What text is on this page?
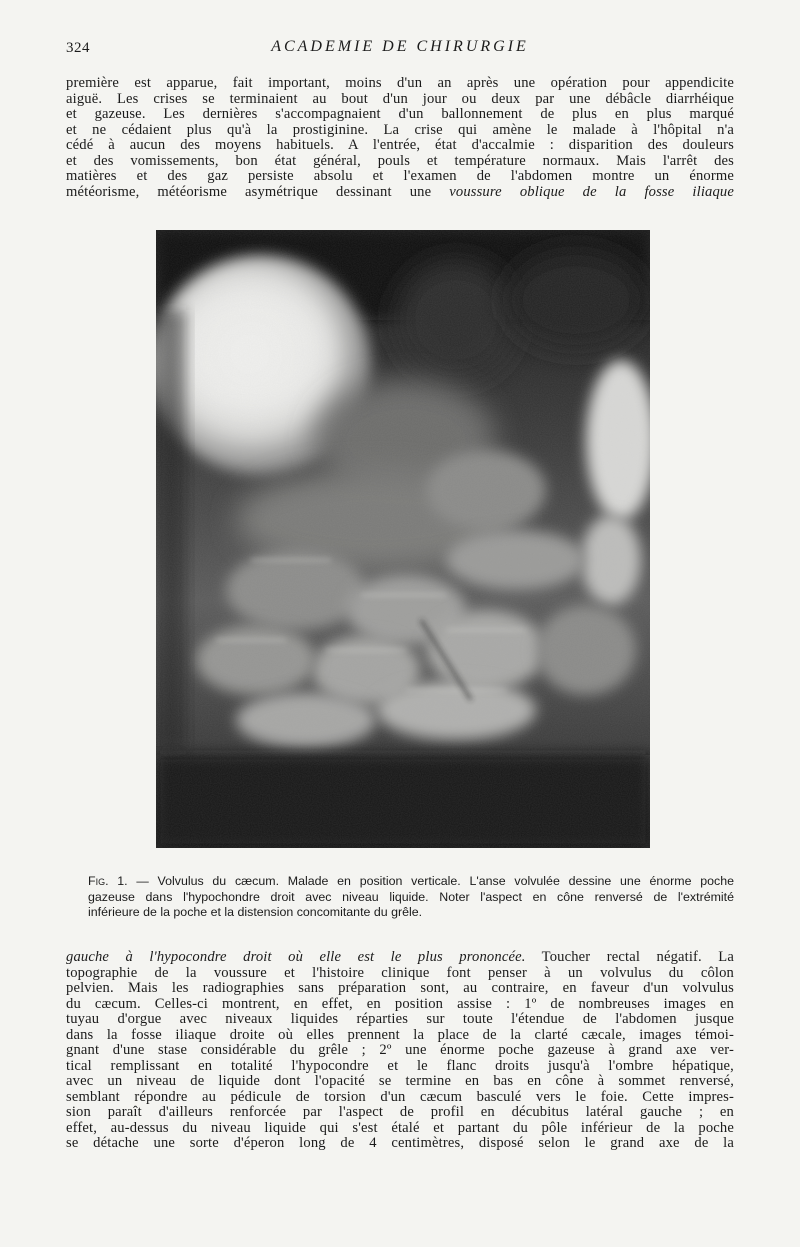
324	ACADEMIE DE CHIRURGIE
première est apparue, fait important, moins d'un an après une opération pour appendicite
aiguë. Les crises se terminaient au bout d'un jour ou deux par une débâcle diarrhéique
et gazeuse. Les dernières s'accompagnaient d'un ballonnement de plus en plus marqué
et ne cédaient plus qu'à la prostiginine. La crise qui amène le malade à l'hôpital n'a
cédé à aucun des moyens habituels. A l'entrée, état d'accalmie : disparition des douleurs
et des vomissements, bon état général, pouls et température normaux. Mais l'arrêt des
matières et des gaz persiste absolu et l'examen de l'abdomen montre un énorme
météorisme, météorisme asymétrique dessinant une voussure oblique de la fosse iliaque
Fig. 1. — Volvulus du cæcum. Malade en position verticale. L'anse volvulée dessine une énorme poche
gazeuse dans l'hypochondre droit avec niveau liquide. Noter l'aspect en cône renversé de l'extrémité
inférieure de la poche et la distension concomitante du grêle.
gauche à l'hypocondre droit où elle est le plus prononcée. Toucher rectal négatif. La
topographie de la voussure et l'histoire clinique font penser à un volvulus du côlon
pelvien. Mais les radiographies sans préparation sont, au contraire, en faveur d'un volvulus
du cæcum. Celles-ci montrent, en effet, en position assise : 1º de nombreuses images en
tuyau d'orgue avec niveaux liquides réparties sur toute l'étendue de l'abdomen jusque
dans la fosse iliaque droite où elles prennent la place de la clarté cæcale, images témoi-
gnant d'une stase considérable du grêle ; 2º une énorme poche gazeuse à grand axe ver-
tical remplissant en totalité l'hypocondre et le flanc droits jusqu'à l'ombre hépatique,
avec un niveau de liquide dont l'opacité se termine en bas en cône à sommet renversé,
semblant répondre au pédicule de torsion d'un cæcum basculé vers le foie. Cette impres-
sion paraît d'ailleurs renforcée par l'aspect de profil en décubitus latéral gauche ; en
effet, au-dessus du niveau liquide qui s'est étalé et partant du pôle inférieur de la poche
se détache une sorte d'éperon long de 4 centimètres, disposé selon le grand axe de la
